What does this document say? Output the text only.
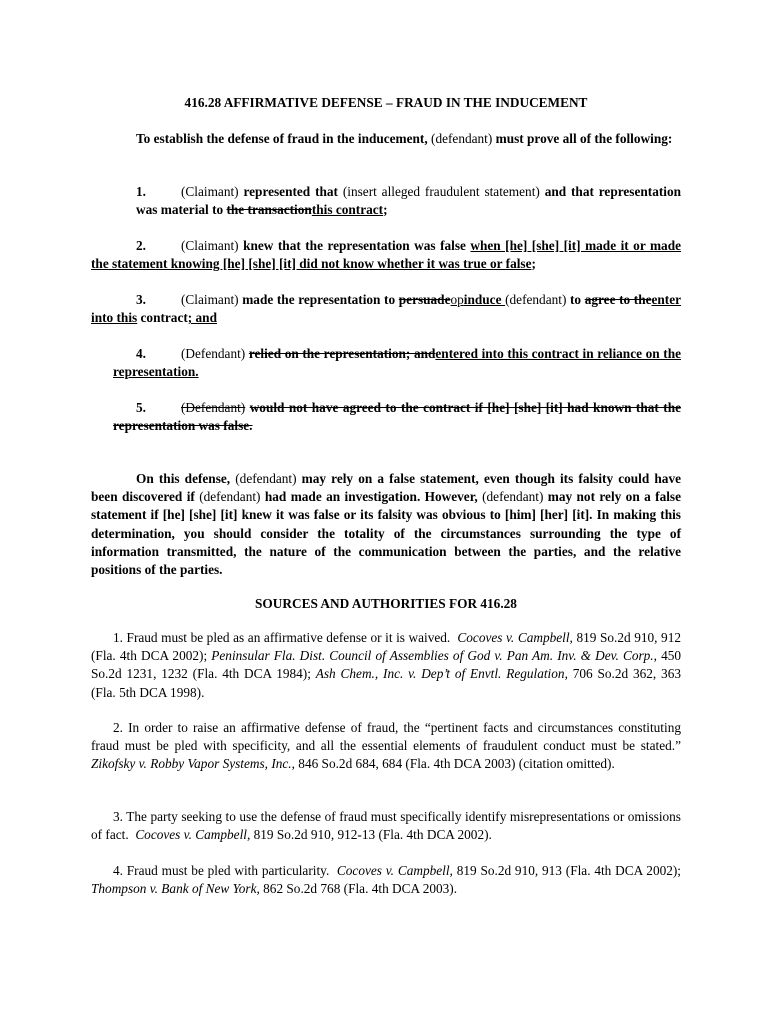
416.28 AFFIRMATIVE DEFENSE – FRAUD IN THE INDUCEMENT
To establish the defense of fraud in the inducement, (defendant) must prove all of the following:
1.	(Claimant) represented that (insert alleged fraudulent statement) and that representation was material to the transactionthis contract;
2.	(Claimant) knew that the representation was false when [he] [she] [it] made it or made the statement knowing [he] [she] [it] did not know whether it was true or false;
3.	(Claimant) made the representation to persuadeopinduce (defendant) to agree to theenter into this contract; and
4.	(Defendant) relied on the representation; andentered into this contract in reliance on the representation.
5.	(Defendant) would not have agreed to the contract if [he] [she] [it] had known that the representation was false.
On this defense, (defendant) may rely on a false statement, even though its falsity could have been discovered if (defendant) had made an investigation. However, (defendant) may not rely on a false statement if [he] [she] [it] knew it was false or its falsity was obvious to [him] [her] [it]. In making this determination, you should consider the totality of the circumstances surrounding the type of information transmitted, the nature of the communication between the parties, and the relative positions of the parties.
SOURCES AND AUTHORITIES FOR 416.28
1. Fraud must be pled as an affirmative defense or it is waived. Cocoves v. Campbell, 819 So.2d 910, 912 (Fla. 4th DCA 2002); Peninsular Fla. Dist. Council of Assemblies of God v. Pan Am. Inv. & Dev. Corp., 450 So.2d 1231, 1232 (Fla. 4th DCA 1984); Ash Chem., Inc. v. Dep’t of Envtl. Regulation, 706 So.2d 362, 363 (Fla. 5th DCA 1998).
2. In order to raise an affirmative defense of fraud, the “pertinent facts and circumstances constituting fraud must be pled with specificity, and all the essential elements of fraudulent conduct must be stated.” Zikofsky v. Robby Vapor Systems, Inc., 846 So.2d 684, 684 (Fla. 4th DCA 2003) (citation omitted).
3. The party seeking to use the defense of fraud must specifically identify misrepresentations or omissions of fact. Cocoves v. Campbell, 819 So.2d 910, 912-13 (Fla. 4th DCA 2002).
4. Fraud must be pled with particularity. Cocoves v. Campbell, 819 So.2d 910, 913 (Fla. 4th DCA 2002); Thompson v. Bank of New York, 862 So.2d 768 (Fla. 4th DCA 2003).
